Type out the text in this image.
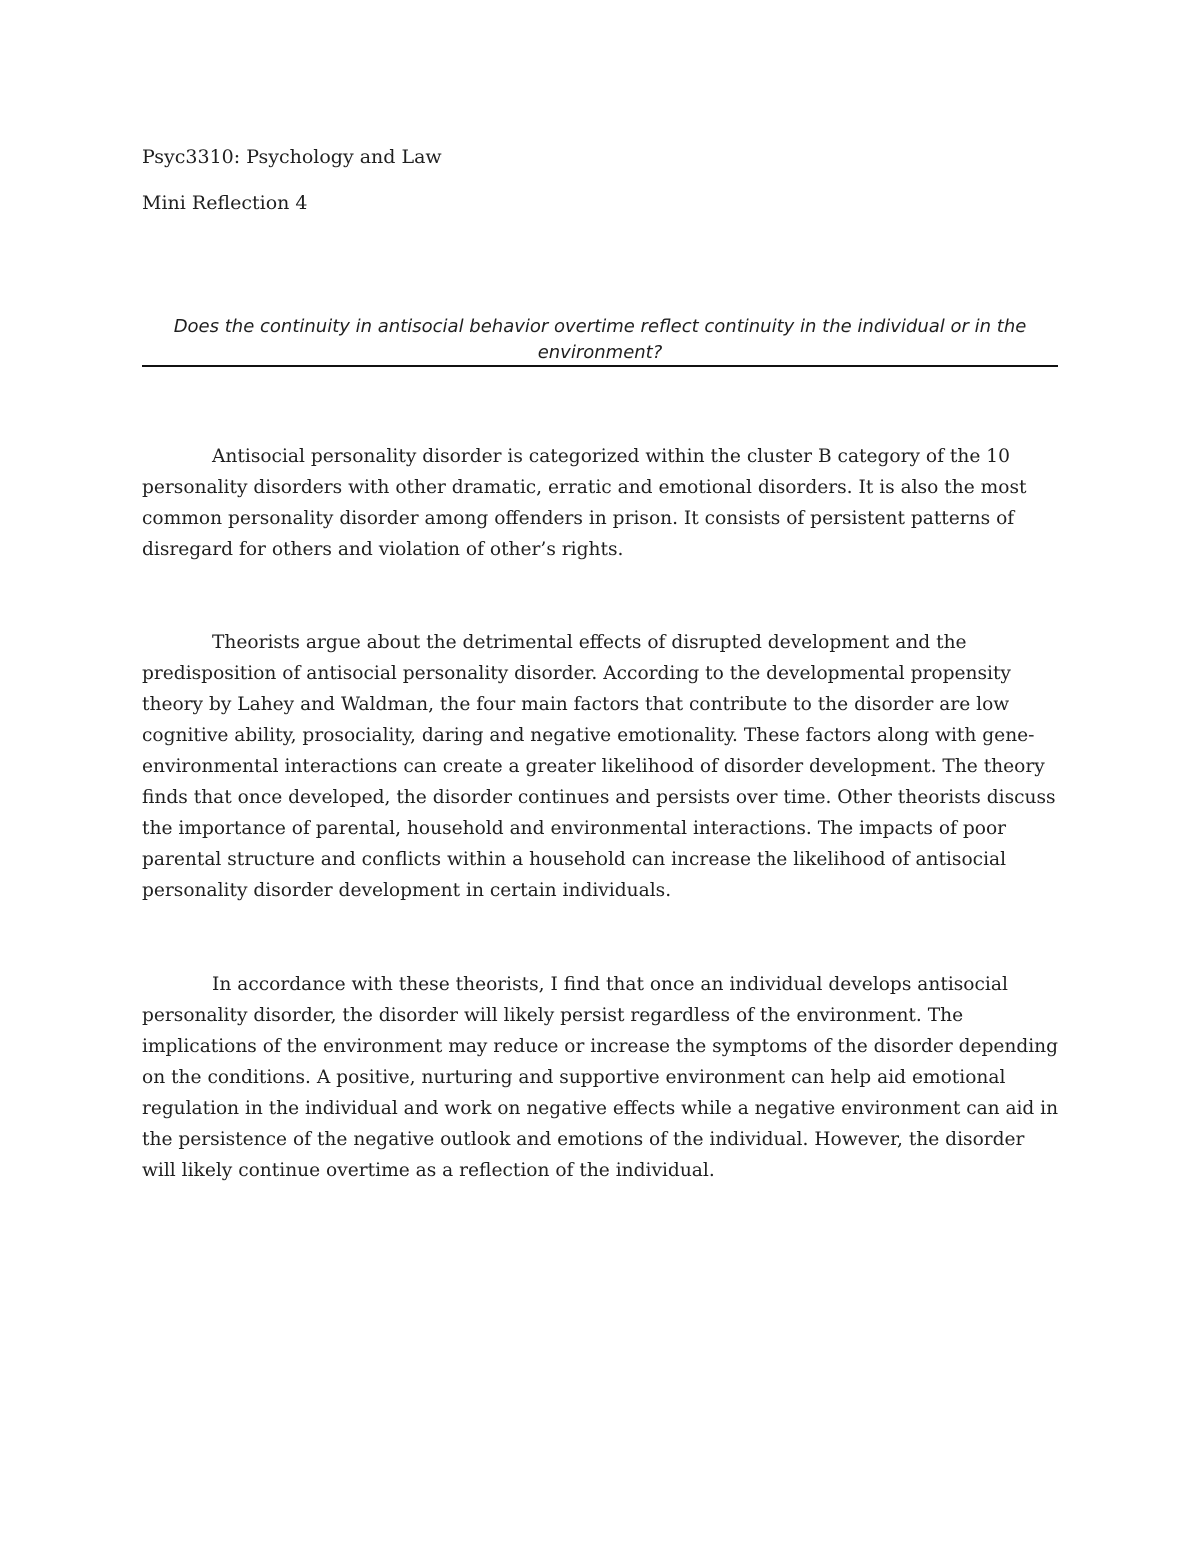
Psyc3310: Psychology and Law
Mini Reflection 4
Does the continuity in antisocial behavior overtime reflect continuity in the individual or in the
environment?
Antisocial personality disorder is categorized within the cluster B category of the 10
personality disorders with other dramatic, erratic and emotional disorders. It is also the most
common personality disorder among offenders in prison. It consists of persistent patterns of
disregard for others and violation of other’s rights.
Theorists argue about the detrimental effects of disrupted development and the
predisposition of antisocial personality disorder. According to the developmental propensity
theory by Lahey and Waldman, the four main factors that contribute to the disorder are low
cognitive ability, prosociality, daring and negative emotionality. These factors along with gene-
environmental interactions can create a greater likelihood of disorder development. The theory
finds that once developed, the disorder continues and persists over time. Other theorists discuss
the importance of parental, household and environmental interactions. The impacts of poor
parental structure and conflicts within a household can increase the likelihood of antisocial
personality disorder development in certain individuals.
In accordance with these theorists, I find that once an individual develops antisocial
personality disorder, the disorder will likely persist regardless of the environment. The
implications of the environment may reduce or increase the symptoms of the disorder depending
on the conditions. A positive, nurturing and supportive environment can help aid emotional
regulation in the individual and work on negative effects while a negative environment can aid in
the persistence of the negative outlook and emotions of the individual. However, the disorder
will likely continue overtime as a reflection of the individual.
